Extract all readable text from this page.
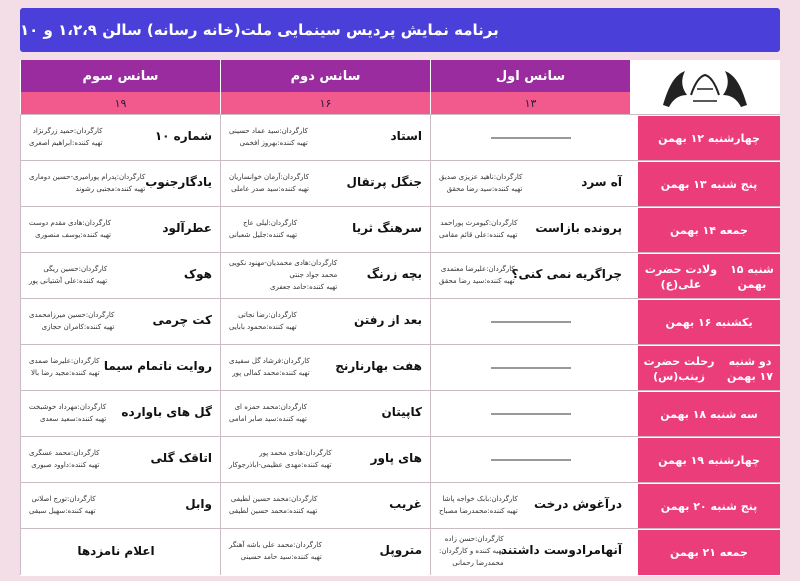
برنامه نمایش پردیس سینمایی ملت(خانه رسانه) سالن ۱،۲،۹ و ۱۰
سانس اول
سانس دوم
سانس سوم
۱۳
۱۶
۱۹
چهارشنبه ۱۲ بهمن
استاد
کارگردان:سید عماد حسینی
تهیه کننده:بهروز افخمی
شماره ۱۰
کارگردان:حمید زرگرنژاد
تهیه کننده:ابراهیم اصغری
پنج شنبه ۱۳ بهمن
آه سرد
کارگردان:ناهید عزیزی صدیق
تهیه کننده:سید رضا محقق
جنگل پرتقال
کارگردان:آرمان خوانساریان
تهیه کننده:سید صدر عاملی
یادگارجنوب
کارگردان:پدرام پورامیری-حسین دوماری
تهیه کننده:مجتبی رشوند
جمعه ۱۴ بهمن
پرونده بازاست
کارگردان:کیومرث پوراحمد
تهیه کننده:علی قائم مقامی
سرهنگ ثریا
کارگردان:لیلی عاج
تهیه کننده:جلیل شعبانی
عطرآلود
کارگردان:هادی مقدم دوست
تهیه کننده:یوسف منصوری
شنبه ۱۵ بهمن
ولادت حضرت علی(ع)
چراگریه نمی کنی؟
کارگردان:علیرضا معتمدی
تهیه کننده:سید رضا محقق
بچه زرنگ
کارگردان:هادی محمدیان-مهنود نکویی
محمد جواد جنتی
تهیه کننده:حامد جعفری
هوک
کارگردان:حسین ریگی
تهیه کننده:علی آشتیانی پور
یکشنبه ۱۶ بهمن
بعد از رفتن
کارگردان:رضا نجاتی
تهیه کننده:محمود بابایی
کت چرمی
کارگردان:حسین میرزامحمدی
تهیه کننده:کامران حجازی
دو شنبه ۱۷ بهمن
رحلت حضرت زینب(س)
هفت بهارنارنج
کارگردان:فرشاد گل سفیدی
تهیه کننده:محمد کمالی پور
روایت ناتمام سیما
کارگردان:علیرضا صمدی
تهیه کننده:مجید رضا بالا
سه شنبه ۱۸ بهمن
کاپیتان
کارگردان:محمد حمزه ای
تهیه کننده:سید صابر امامی
گل های باوارده
کارگردان:مهرداد خوشبخت
تهیه کننده:سعید سعدی
چهارشنبه ۱۹ بهمن
های پاور
کارگردان:هادی محمد پور
تهیه کننده:مهدی عظیمی-اباذرجوکار
اتاقک گلی
کارگردان:محمد عسگری
تهیه کننده:داوود صبوری
پنج شنبه ۲۰ بهمن
درآغوش درخت
کارگردان:بابک خواجه پاشا
تهیه کننده:محمدرضا مصباح
غریب
کارگردان:محمد حسین لطیفی
تهیه کننده:محمد حسین لطیفی
وابل
کارگردان:تورج اصلانی
تهیه کننده:سهیل سیفی
جمعه ۲۱ بهمن
آنهامرادوست داشتند
کارگردان:حسن زاده
تهیه کننده و کارگردان:
محمدرضا رحمانی
متروپل
کارگردان:محمد علی باشه آهنگر
تهیه کننده:سید حامد حسینی
اعلام نامزدها
